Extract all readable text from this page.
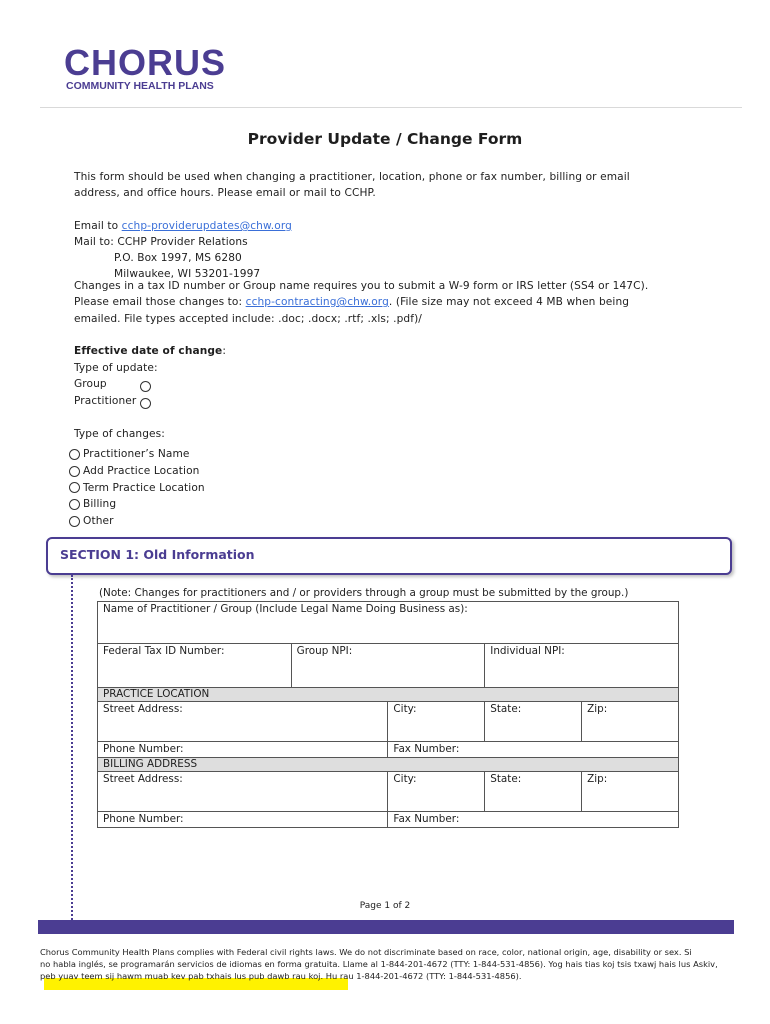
CHORUS
COMMUNITY HEALTH PLANS
Provider Update / Change Form
This form should be used when changing a practitioner, location, phone or fax number, billing or email
address, and office hours. Please email or mail to CCHP.
Email to cchp-providerupdates@chw.org
Mail to: CCHP Provider Relations
P.O. Box 1997, MS 6280
Milwaukee, WI 53201-1997
Changes in a tax ID number or Group name requires you to submit a W-9 form or IRS letter (SS4 or 147C).
Please email those changes to: cchp-contracting@chw.org. (File size may not exceed 4 MB when being
emailed. File types accepted include: .doc; .docx; .rtf; .xls; .pdf)/
Effective date of change:
Type of update:
Group
Practitioner
Type of changes:
Practitioner’s Name
Add Practice Location
Term Practice Location
Billing
Other
SECTION 1: Old Information
(Note: Changes for practitioners and / or providers through a group must be submitted by the group.)
Name of Practitioner / Group (Include Legal Name Doing Business as):				
Federal Tax ID Number:	Group NPI:		Individual NPI:	
PRACTICE LOCATION				
Street Address:		City:	State:	Zip:
Phone Number:		Fax Number:		
BILLING ADDRESS				
Street Address:		City:	State:	Zip:
Phone Number:		Fax Number:		
Page 1 of 2
Chorus Community Health Plans complies with Federal civil rights laws. We do not discriminate based on race, color, national origin, age, disability or sex. Si
no habla inglés, se programarán servicios de idiomas en forma gratuita. Llame al 1-844-201-4672 (TTY: 1-844-531-4856). Yog hais tias koj tsis txawj hais lus Askiv,
peb yuav teem sij hawm muab kev pab txhais lus pub dawb rau koj. Hu rau 1-844-201-4672 (TTY: 1-844-531-4856).
